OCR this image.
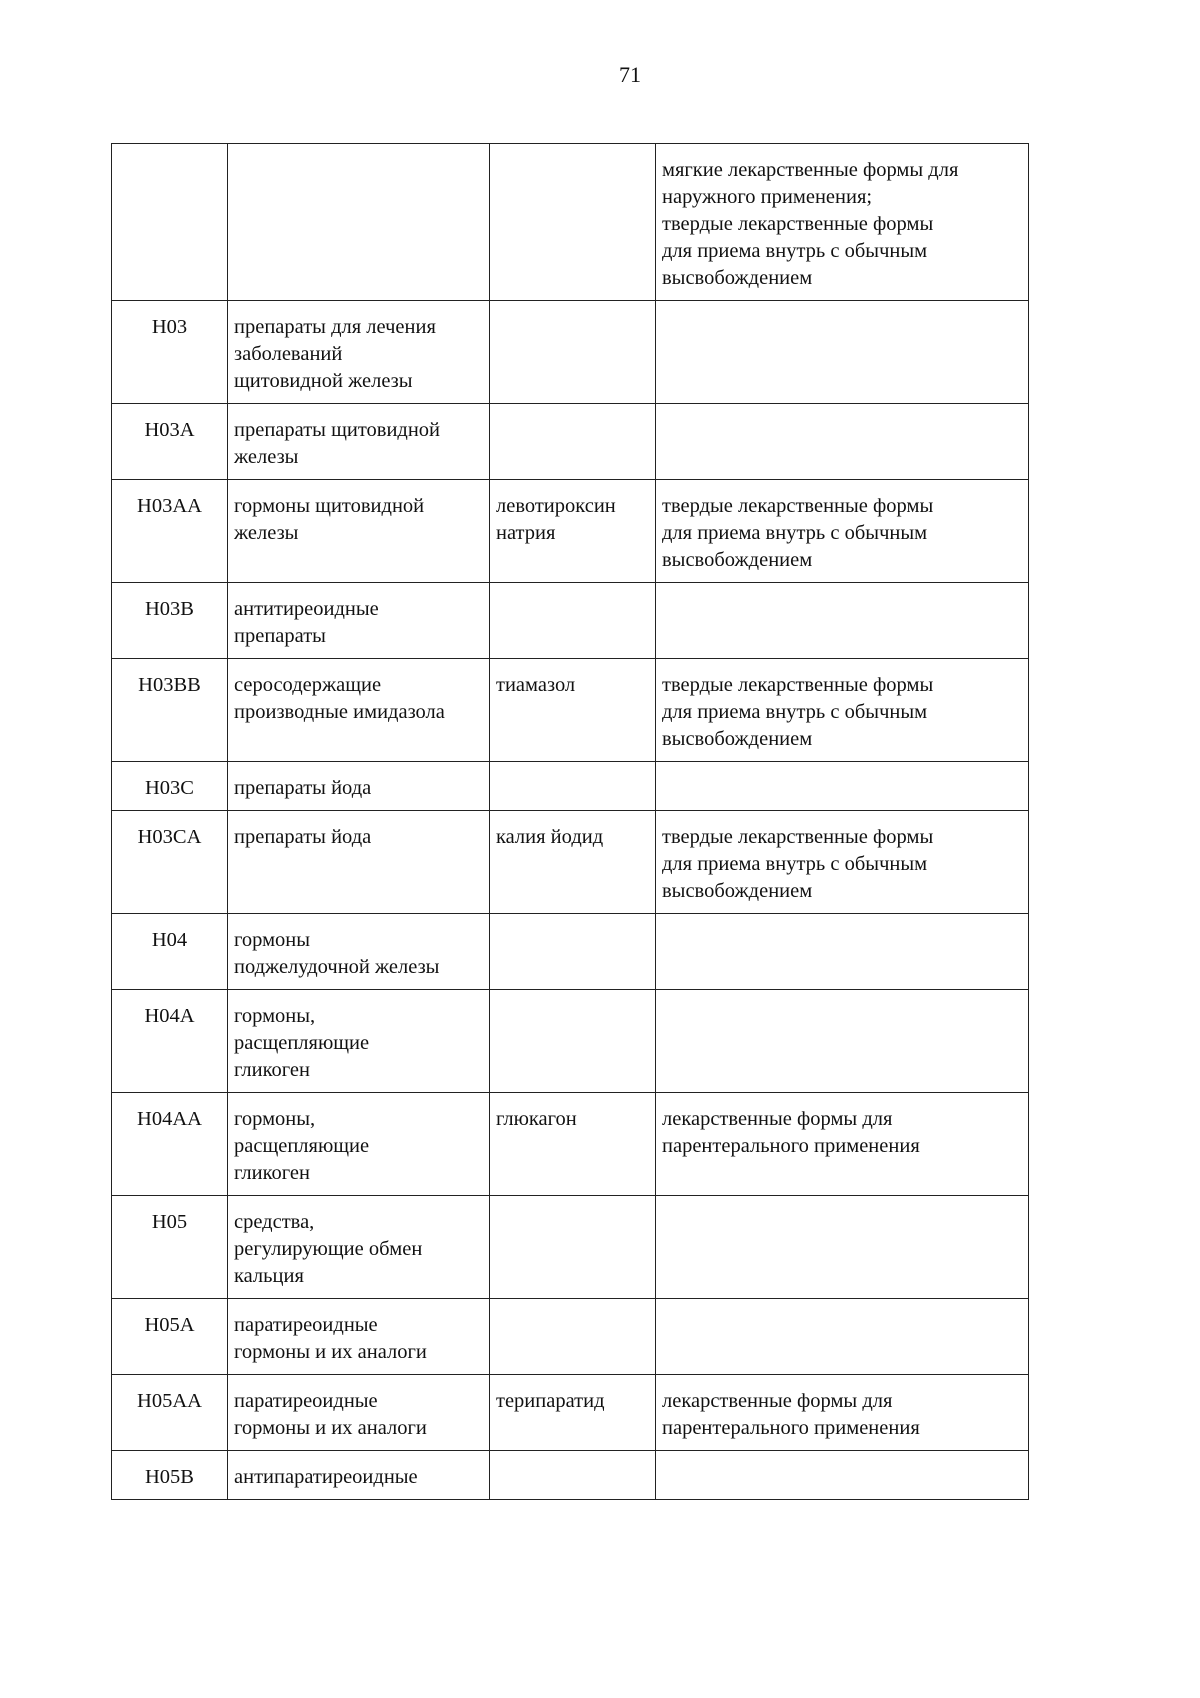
71

			мягкие лекарственные формы для
наружного применения;
твердые лекарственные формы
для приема внутрь с обычным
высвобождением

H03	препараты для лечения
заболеваний
щитовидной железы		

H03A	препараты щитовидной
железы		

H03AA	гормоны щитовидной
железы	левотироксин
натрия	твердые лекарственные формы
для приема внутрь с обычным
высвобождением

H03B	антитиреоидные
препараты		

H03BB	серосодержащие
производные имидазола	тиамазол	твердые лекарственные формы
для приема внутрь с обычным
высвобождением

H03C	препараты йода		

H03CA	препараты йода	калия йодид	твердые лекарственные формы
для приема внутрь с обычным
высвобождением

H04	гормоны
поджелудочной железы		

H04A	гормоны,
расщепляющие
гликоген		

H04AA	гормоны,
расщепляющие
гликоген	глюкагон	лекарственные формы для
парентерального применения

H05	средства,
регулирующие обмен
кальция		

H05A	паратиреоидные
гормоны и их аналоги		

H05AA	паратиреоидные
гормоны и их аналоги	терипаратид	лекарственные формы для
парентерального применения

H05B	антипаратиреоидные		
